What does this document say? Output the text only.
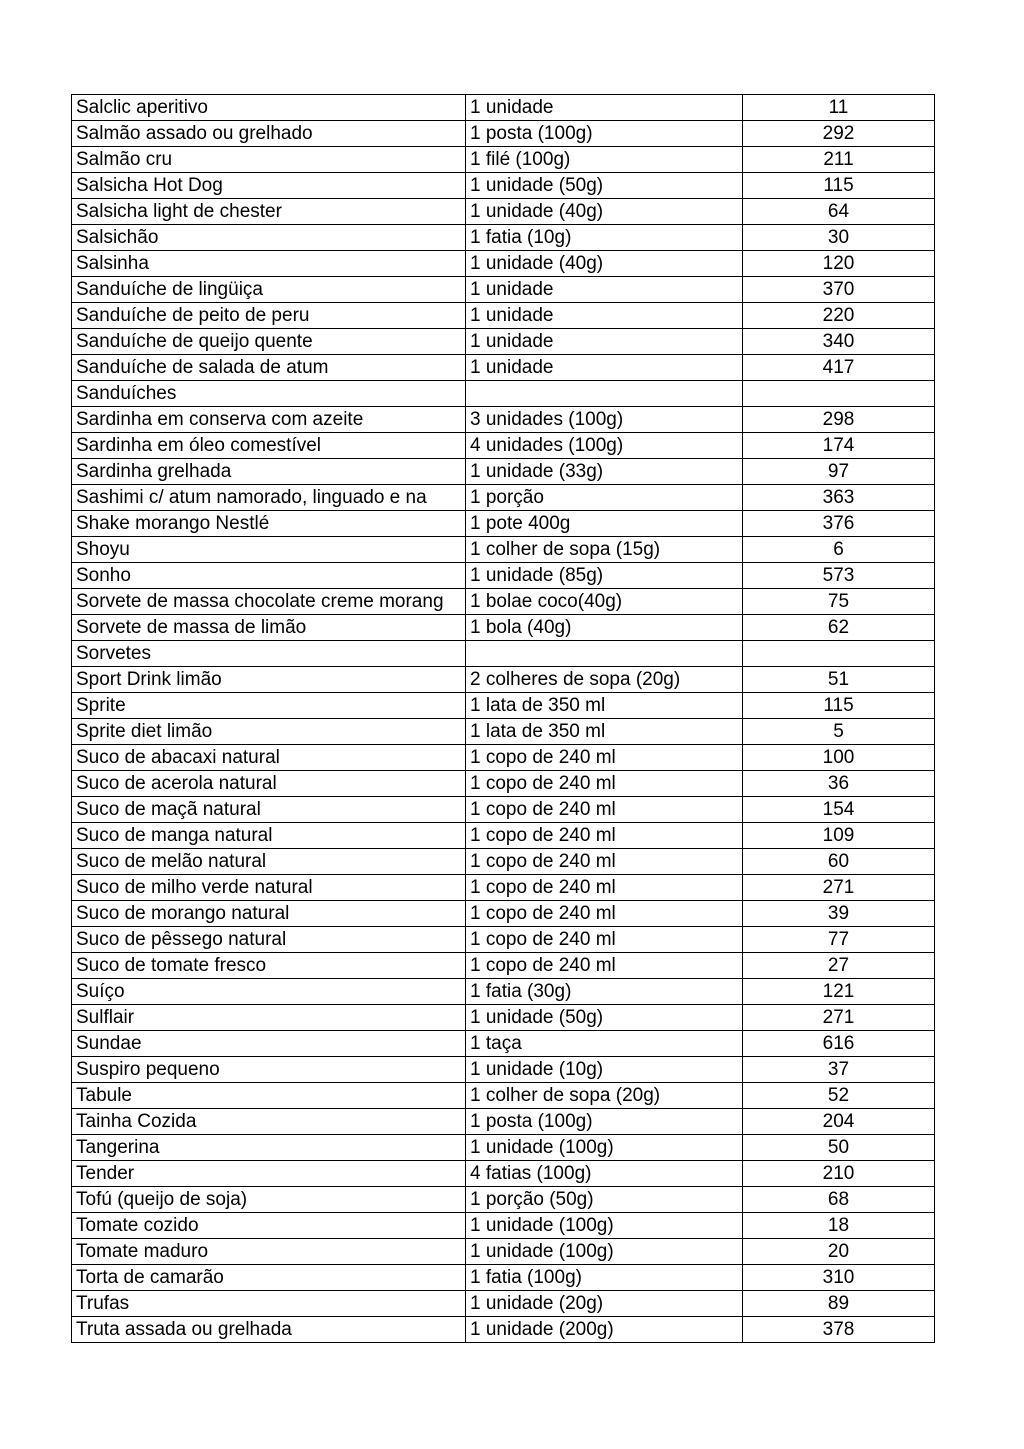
Salclic aperitivo	1 unidade	11
Salmão assado ou grelhado	1 posta (100g)	292
Salmão cru	1 filé (100g)	211
Salsicha Hot Dog	1 unidade (50g)	115
Salsicha light de chester	1 unidade (40g)	64
Salsichão	1 fatia (10g)	30
Salsinha	1 unidade (40g)	120
Sanduíche de lingüiça	1 unidade	370
Sanduíche de peito de peru	1 unidade	220
Sanduíche de queijo quente	1 unidade	340
Sanduíche de salada de atum	1 unidade	417
Sanduíches		
Sardinha em conserva com azeite	3 unidades (100g)	298
Sardinha em óleo comestível	4 unidades (100g)	174
Sardinha grelhada	1 unidade (33g)	97
Sashimi c/ atum namorado, linguado e na	1 porção	363
Shake morango Nestlé	1 pote 400g	376
Shoyu	1 colher de sopa (15g)	6
Sonho	1 unidade (85g)	573
Sorvete de massa chocolate creme morang	1 bolae coco(40g)	75
Sorvete de massa de limão	1 bola (40g)	62
Sorvetes		
Sport Drink limão	2 colheres de sopa (20g)	51
Sprite	1 lata de 350 ml	115
Sprite diet limão	1 lata de 350 ml	5
Suco de abacaxi natural	1 copo de 240 ml	100
Suco de acerola natural	1 copo de 240 ml	36
Suco de maçã natural	1 copo de 240 ml	154
Suco de manga natural	1 copo de 240 ml	109
Suco de melão natural	1 copo de 240 ml	60
Suco de milho verde natural	1 copo de 240 ml	271
Suco de morango natural	1 copo de 240 ml	39
Suco de pêssego natural	1 copo de 240 ml	77
Suco de tomate fresco	1 copo de 240 ml	27
Suíço	1 fatia (30g)	121
Sulflair	1 unidade (50g)	271
Sundae	1 taça	616
Suspiro pequeno	1 unidade (10g)	37
Tabule	1 colher de sopa (20g)	52
Tainha Cozida	1 posta (100g)	204
Tangerina	1 unidade (100g)	50
Tender	4 fatias (100g)	210
Tofú (queijo de soja)	1 porção (50g)	68
Tomate cozido	1 unidade (100g)	18
Tomate maduro	1 unidade (100g)	20
Torta de camarão	1 fatia (100g)	310
Trufas	1 unidade (20g)	89
Truta assada ou grelhada	1 unidade (200g)	378
